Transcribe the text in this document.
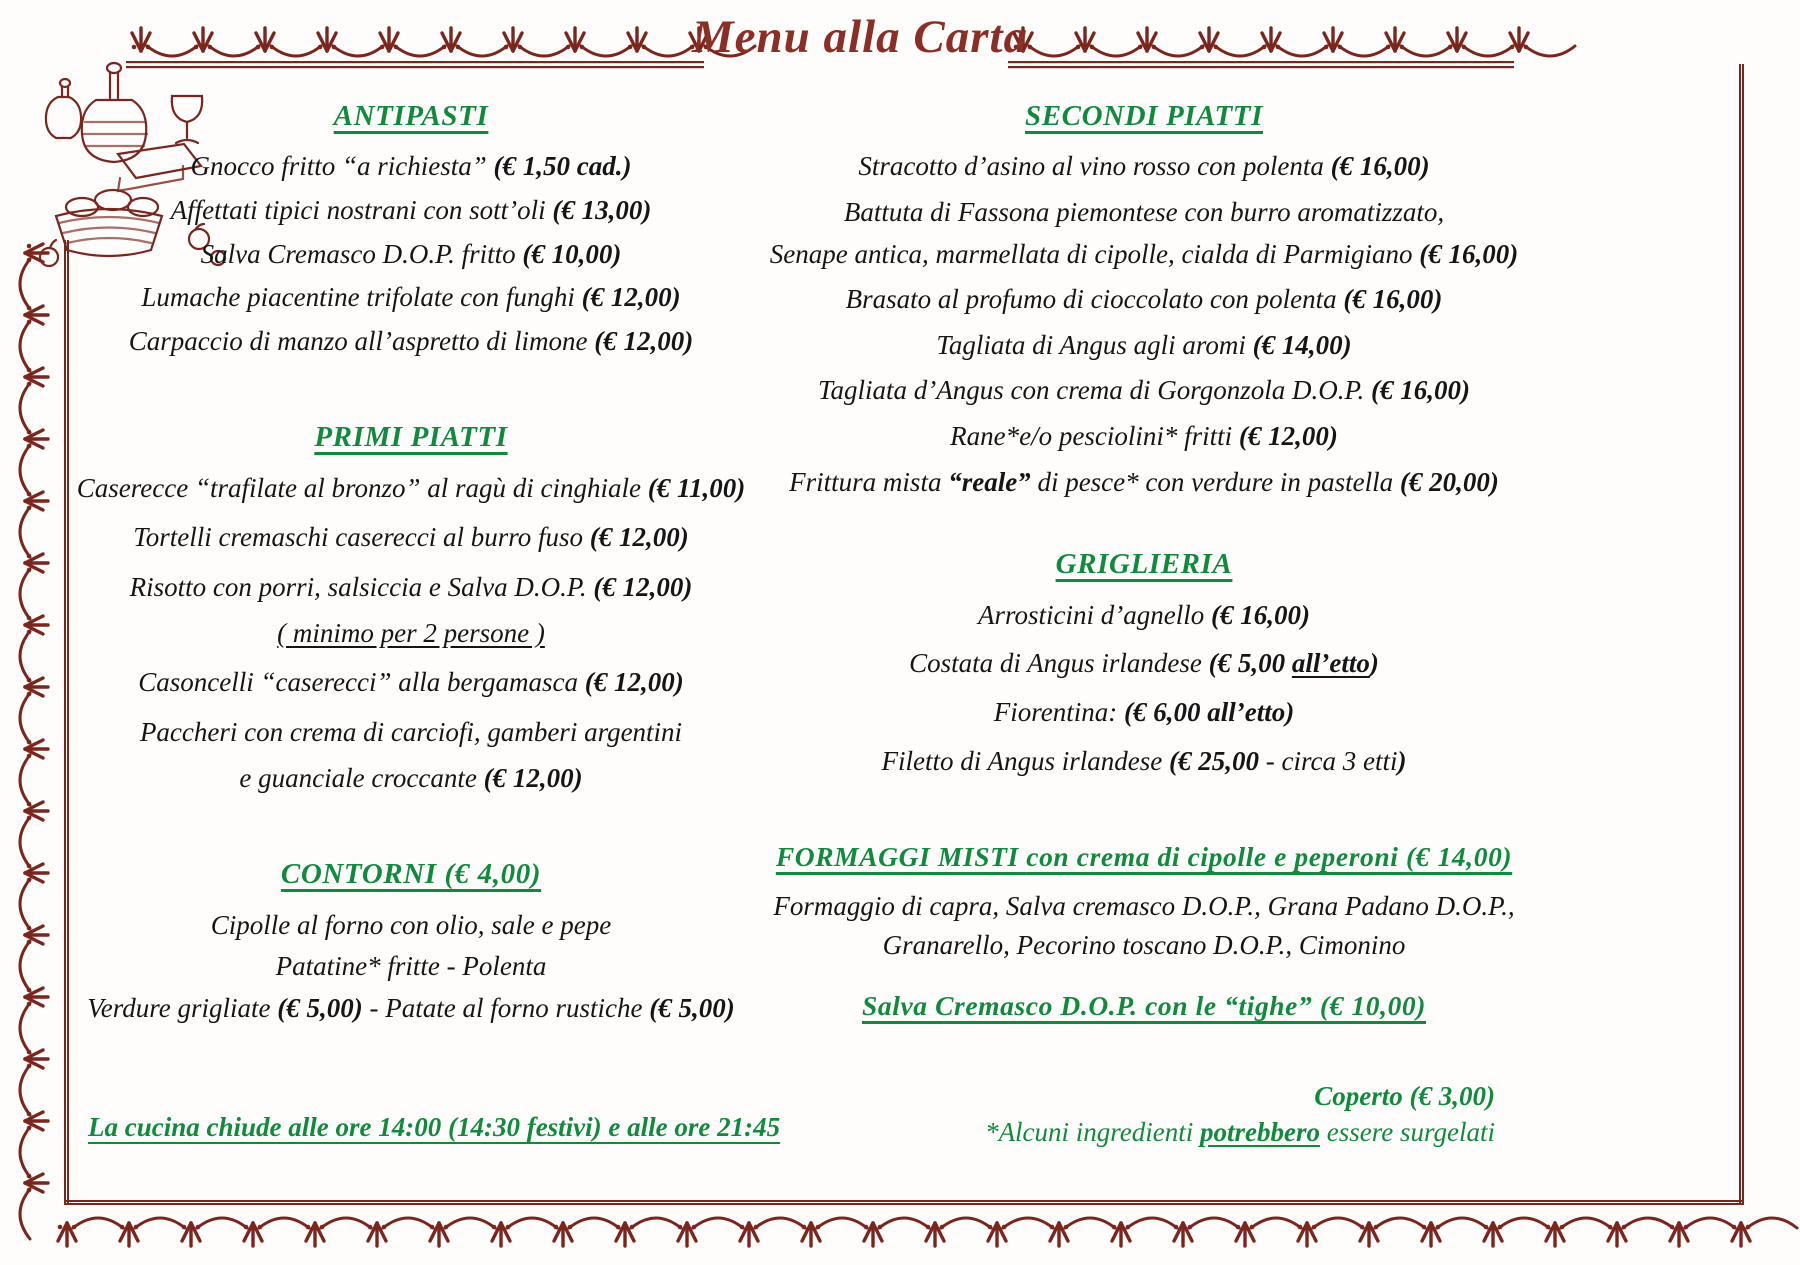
Menu alla Carta
ANTIPASTI
Gnocco fritto “a richiesta” (€ 1,50 cad.)
Affettati tipici nostrani con sott’oli (€ 13,00)
Salva Cremasco D.O.P. fritto (€ 10,00)
Lumache piacentine trifolate con funghi (€ 12,00)
Carpaccio di manzo all’aspretto di limone (€ 12,00)
PRIMI PIATTI
Caserecce “trafilate al bronzo” al ragù di cinghiale (€ 11,00)
Tortelli cremaschi caserecci al burro fuso (€ 12,00)
Risotto con porri, salsiccia e Salva D.O.P. (€ 12,00)
( minimo per 2 persone )
Casoncelli “caserecci” alla bergamasca (€ 12,00)
Paccheri con crema di carciofi, gamberi argentini
e guanciale croccante (€ 12,00)
CONTORNI (€ 4,00)
Cipolle al forno con olio, sale e pepe
Patatine* fritte - Polenta
Verdure grigliate (€ 5,00) - Patate al forno rustiche (€ 5,00)
SECONDI PIATTI
Stracotto d’asino al vino rosso con polenta (€ 16,00)
Battuta di Fassona piemontese con burro aromatizzato,
Senape antica, marmellata di cipolle, cialda di Parmigiano (€ 16,00)
Brasato al profumo di cioccolato con polenta (€ 16,00)
Tagliata di Angus agli aromi (€ 14,00)
Tagliata d’Angus con crema di Gorgonzola D.O.P. (€ 16,00)
Rane*e/o pesciolini* fritti (€ 12,00)
Frittura mista “reale” di pesce* con verdure in pastella (€ 20,00)
GRIGLIERIA
Arrosticini d’agnello (€ 16,00)
Costata di Angus irlandese (€ 5,00 all’etto)
Fiorentina: (€ 6,00 all’etto)
Filetto di Angus irlandese (€ 25,00 - circa 3 etti)
FORMAGGI MISTI con crema di cipolle e peperoni (€ 14,00)
Formaggio di capra, Salva cremasco D.O.P., Grana Padano D.O.P.,
Granarello, Pecorino toscano D.O.P., Cimonino
Salva Cremasco D.O.P. con le “tighe” (€ 10,00)
La cucina chiude alle ore 14:00 (14:30 festivi) e alle ore 21:45
Coperto (€ 3,00)
*Alcuni ingredienti potrebbero essere surgelati
